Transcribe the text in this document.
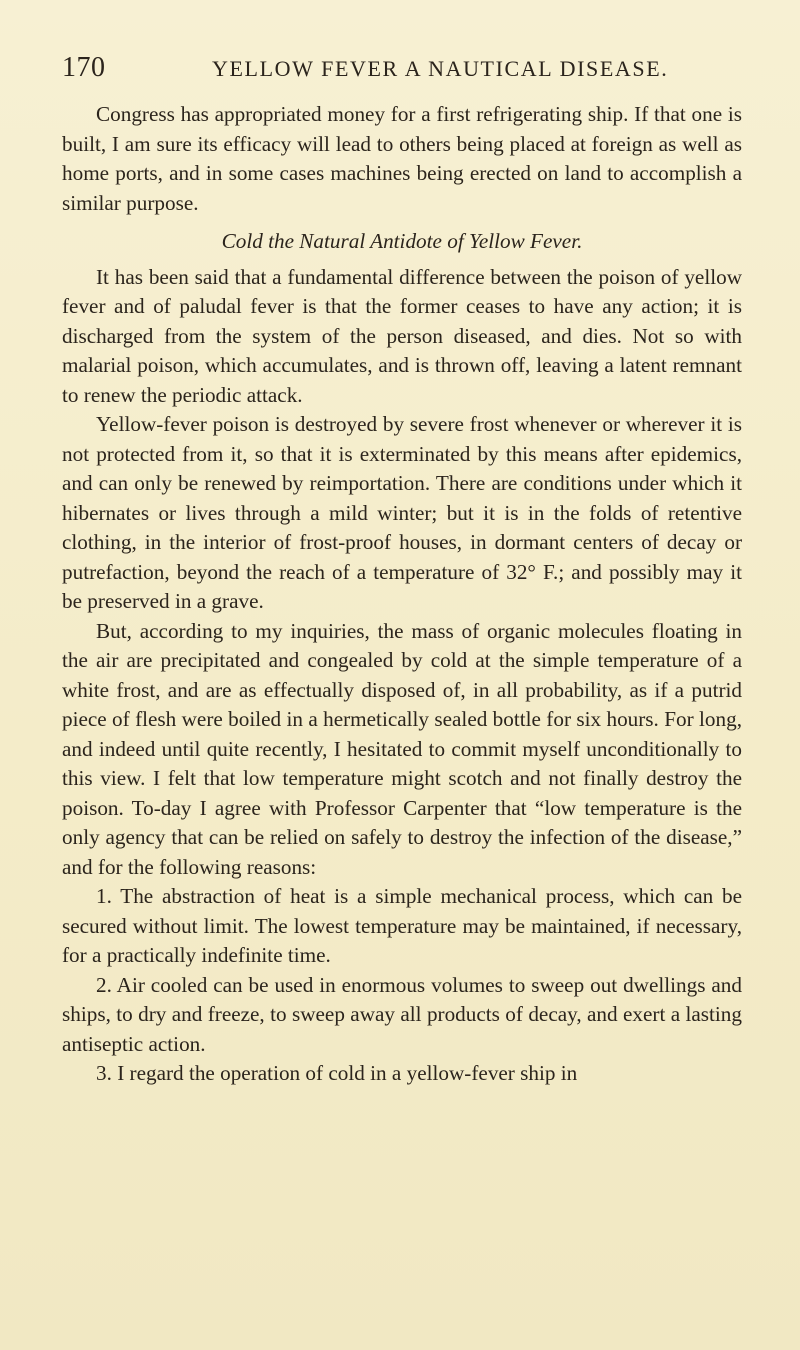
170	YELLOW FEVER A NAUTICAL DISEASE.

Congress has appropriated money for a first refrigerating ship. If that one is built, I am sure its efficacy will lead to others being placed at foreign as well as home ports, and in some cases machines being erected on land to accomplish a similar purpose.

Cold the Natural Antidote of Yellow Fever.

It has been said that a fundamental difference between the poison of yellow fever and of paludal fever is that the former ceases to have any action; it is discharged from the system of the person diseased, and dies. Not so with malarial poison, which accumulates, and is thrown off, leaving a latent remnant to renew the periodic attack.

Yellow-fever poison is destroyed by severe frost whenever or wherever it is not protected from it, so that it is exterminated by this means after epidemics, and can only be renewed by reimportation. There are conditions under which it hibernates or lives through a mild winter; but it is in the folds of retentive clothing, in the interior of frost-proof houses, in dormant centers of decay or putrefaction, beyond the reach of a temperature of 32° F.; and possibly may it be preserved in a grave.

But, according to my inquiries, the mass of organic molecules floating in the air are precipitated and congealed by cold at the simple temperature of a white frost, and are as effectually disposed of, in all probability, as if a putrid piece of flesh were boiled in a hermetically sealed bottle for six hours. For long, and indeed until quite recently, I hesitated to commit myself unconditionally to this view. I felt that low temperature might scotch and not finally destroy the poison. To-day I agree with Professor Carpenter that “low temperature is the only agency that can be relied on safely to destroy the infection of the disease,” and for the following reasons:

1. The abstraction of heat is a simple mechanical process, which can be secured without limit. The lowest temperature may be maintained, if necessary, for a practically indefinite time.

2. Air cooled can be used in enormous volumes to sweep out dwellings and ships, to dry and freeze, to sweep away all products of decay, and exert a lasting antiseptic action.

3. I regard the operation of cold in a yellow-fever ship in
